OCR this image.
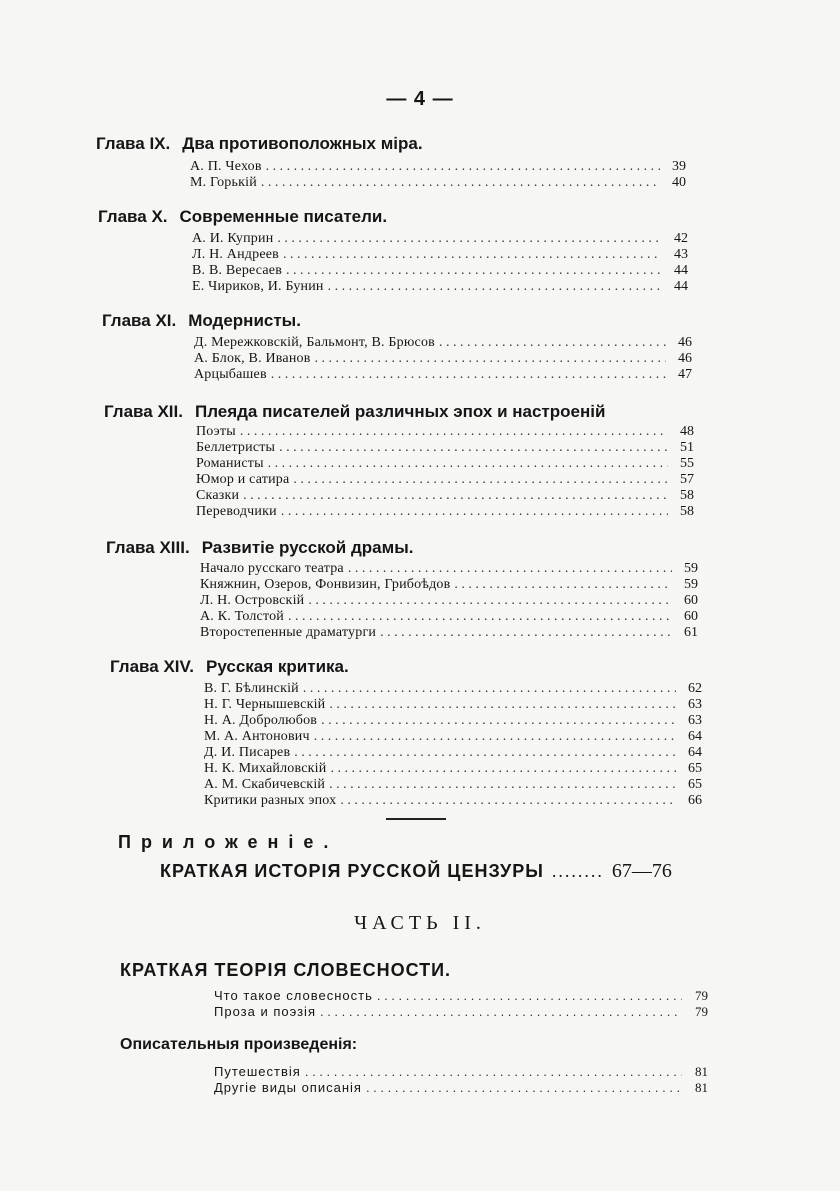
— 4 —
Глава IX. Два противоположных міра.
А. П. Чехов . . .	39
М. Горькій . . .	40
Глава X. Современные писатели.
А. И. Куприн . . .	42
Л. Н. Андреев . . .	43
В. В. Вересаев . . .	44
Е. Чириков, И. Бунин . . .	44
Глава XI. Модернисты.
Д. Мережковскій, Бальмонт, В. Брюсов . . .	46
А. Блок, В. Иванов . . .	46
Арцыбашев . . .	47
Глава XII. Плеяда писателей различных эпох и настроеній
Поэты . . .	48
Беллетристы . . .	51
Романисты . . .	55
Юмор и сатира . . .	57
Сказки . . .	58
Переводчики . . .	58
Глава XIII. Развитіе русской драмы.
Начало русскаго театра . . .	59
Княжнин, Озеров, Фонвизин, Грибоѣдов . . .	59
Л. Н. Островскій . . .	60
А. К. Толстой . . .	60
Второстепенные драматурги . . .	61
Глава XIV. Русская критика.
В. Г. Бѣлинскій . . .	62
Н. Г. Чернышевскій . . .	63
Н. А. Добролюбов . . .	63
М. А. Антонович . . .	64
Д. И. Писарев . . .	64
Н. К. Михайловскій . . .	65
А. М. Скабичевскій . . .	65
Критики разных эпох . . .	66
Приложеніе.
КРАТКАЯ ИСТОРІЯ РУССКОЙ ЦЕНЗУРЫ ........ 67—76
ЧАСТЬ II.
КРАТКАЯ ТЕОРІЯ СЛОВЕСНОСТИ.
Что такое словесность . . .	79
Проза и поэзія . . .	79
Описательныя произведенія:
Путешествія . . .	81
Другіе виды описанія . . .	81
